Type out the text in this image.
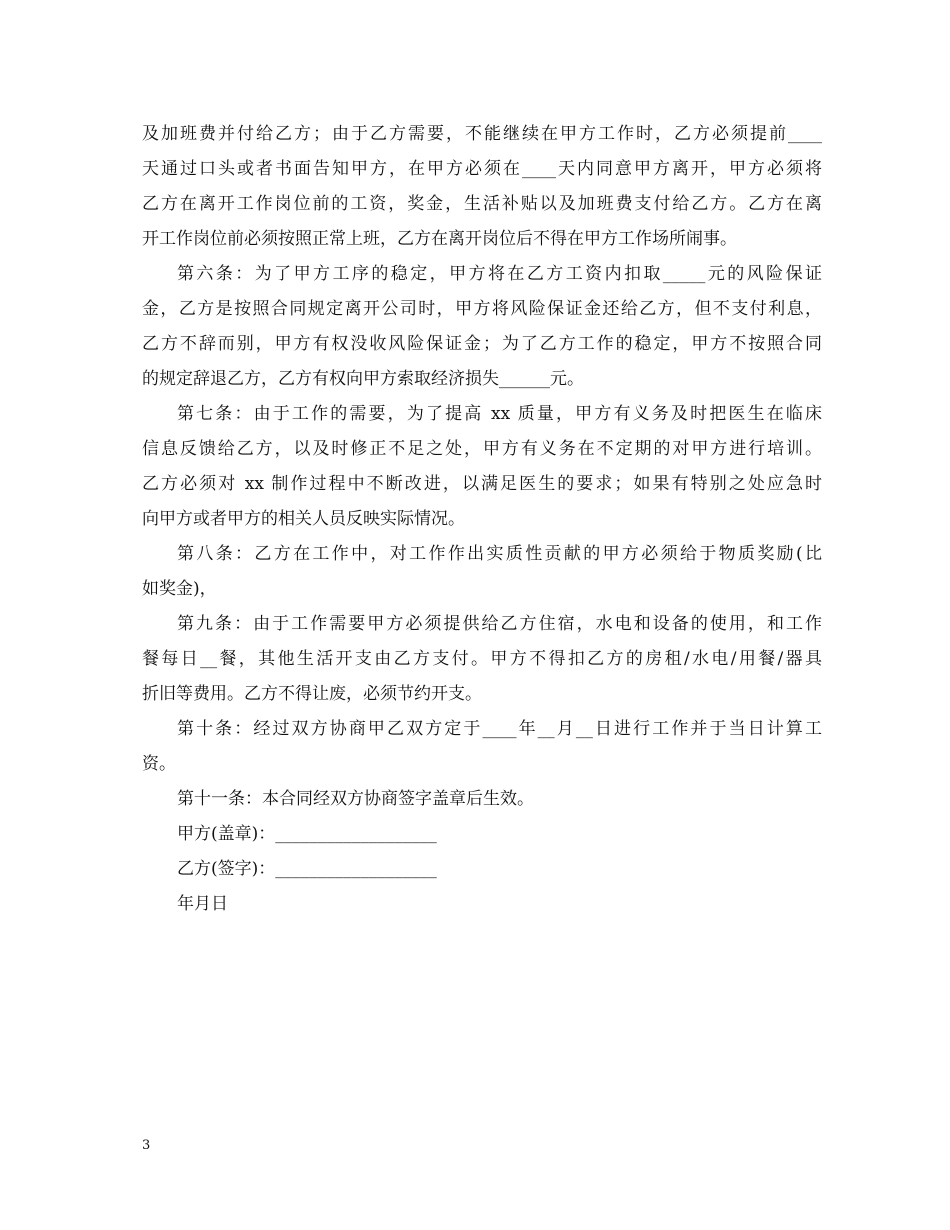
及加班费并付给乙方；由于乙方需要，不能继续在甲方工作时，乙方必须提前____
天通过口头或者书面告知甲方，在甲方必须在____天内同意甲方离开，甲方必须将
乙方在离开工作岗位前的工资，奖金，生活补贴以及加班费支付给乙方。乙方在离
开工作岗位前必须按照正常上班，乙方在离开岗位后不得在甲方工作场所闹事。
第六条：为了甲方工序的稳定，甲方将在乙方工资内扣取_____元的风险保证
金，乙方是按照合同规定离开公司时，甲方将风险保证金还给乙方，但不支付利息，
乙方不辞而别，甲方有权没收风险保证金；为了乙方工作的稳定，甲方不按照合同
的规定辞退乙方，乙方有权向甲方索取经济损失______元。
第七条：由于工作的需要，为了提高 xx 质量，甲方有义务及时把医生在临床
信息反馈给乙方，以及时修正不足之处，甲方有义务在不定期的对甲方进行培训。
乙方必须对 xx 制作过程中不断改进，以满足医生的要求；如果有特别之处应急时
向甲方或者甲方的相关人员反映实际情况。
第八条：乙方在工作中，对工作作出实质性贡献的甲方必须给于物质奖励(比
如奖金)，
第九条：由于工作需要甲方必须提供给乙方住宿，水电和设备的使用，和工作
餐每日__餐，其他生活开支由乙方支付。甲方不得扣乙方的房租/水电/用餐/器具
折旧等费用。乙方不得让废，必须节约开支。
第十条：经过双方协商甲乙双方定于____年__月__日进行工作并于当日计算工
资。
第十一条：本合同经双方协商签字盖章后生效。
甲方(盖章)：___________________
乙方(签字)：___________________
年月日
3
